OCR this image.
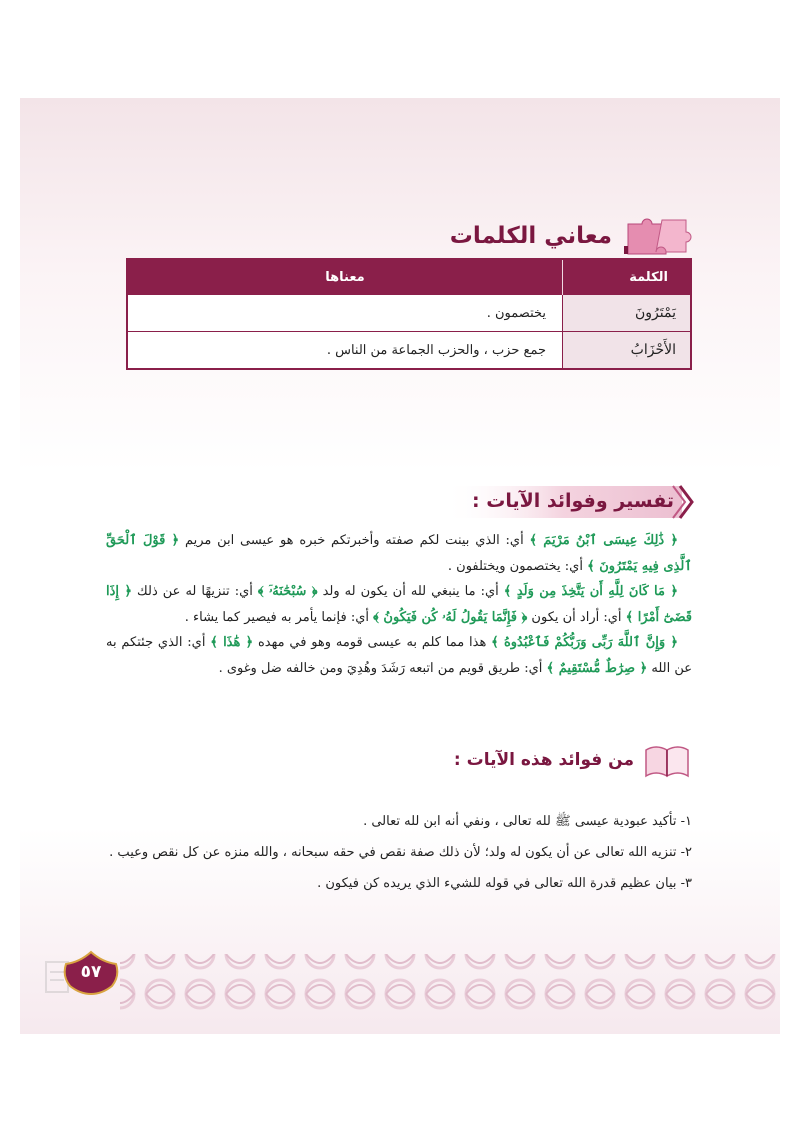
معاني الكلمات
الكلمة	معناها
يَمْتَرُونَ	يختصمون .
الأَحْزَابُ	جمع حزب ، والحزب الجماعة من الناس .
تفسير وفوائد الآيات :

﴿ ذَٰلِكَ عِيسَى ٱبْنُ مَرْيَمَ ﴾ أي: الذي بينت لكم صفته وأخبرتكم خبره هو عيسى ابن مريم ﴿ قَوْلَ ٱلْحَقِّ ٱلَّذِى فِيهِ يَمْتَرُونَ ﴾ أي: يختصمون ويختلفون .

﴿ مَا كَانَ لِلَّهِ أَن يَتَّخِذَ مِن وَلَدٍ ﴾ أي: ما ينبغي لله أن يكون له ولد ﴿ سُبْحَٰنَهُۥٓ ﴾ أي: تنزيهًا له عن ذلك ﴿ إِذَا قَضَىٰٓ أَمْرًا ﴾ أي: أراد أن يكون ﴿ فَإِنَّمَا يَقُولُ لَهُۥ كُن فَيَكُونُ ﴾ أي: فإنما يأمر به فيصير كما يشاء .

﴿ وَإِنَّ ٱللَّهَ رَبِّى وَرَبُّكُمْ فَٱعْبُدُوهُ ﴾ هذا مما كلم به عيسى قومه وهو في مهده ﴿ هَٰذَا ﴾ أي: الذي جئتكم به عن الله ﴿ صِرَٰطٌ مُّسْتَقِيمٌ ﴾ أي: طريق قويم من اتبعه رَشَدَ وهُدِيَ ومن خالفه ضل وغوى .

من فوائد هذه الآيات :

١- تأكيد عبودية عيسى ﷺ لله تعالى ، ونفي أنه ابن لله تعالى .

٢- تنزيه الله تعالى عن أن يكون له ولد؛ لأن ذلك صفة نقص في حقه سبحانه ، والله منزه عن كل نقص وعيب .

٣- بيان عظيم قدرة الله تعالى في قوله للشيء الذي يريده كن فيكون .

٥٧
